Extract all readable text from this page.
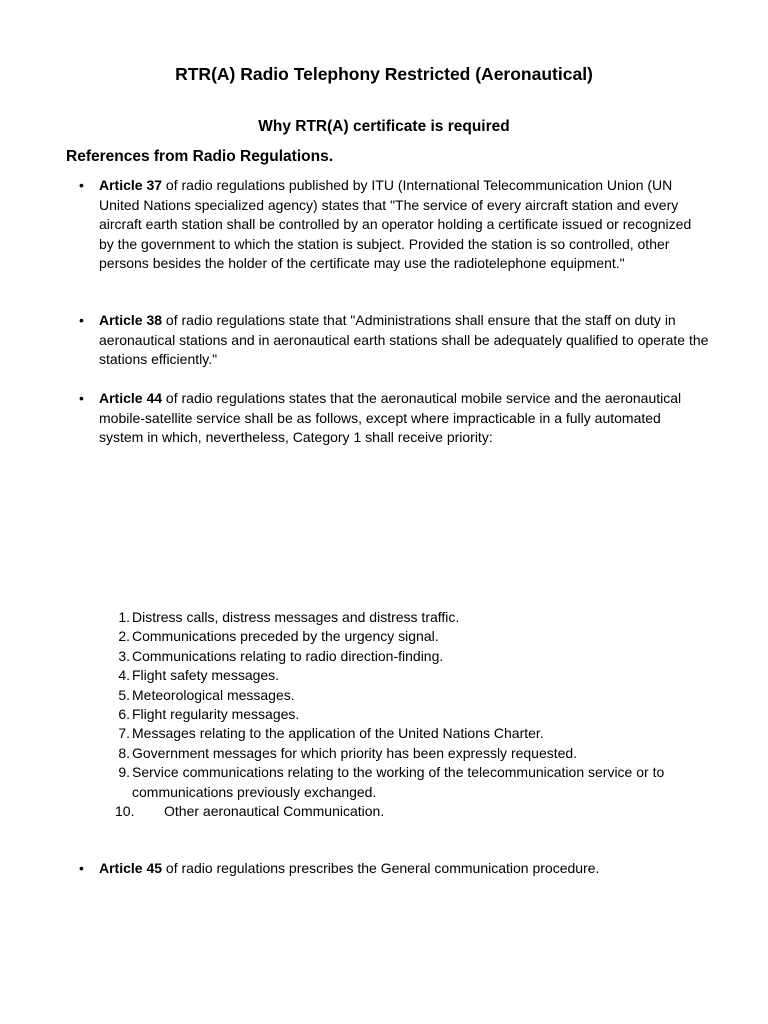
RTR(A) Radio Telephony Restricted (Aeronautical)
Why RTR(A) certificate is required
References from Radio Regulations.
• Article 37 of radio regulations published by ITU (International Telecommunication Union (UN United Nations specialized agency) states that "The service of every aircraft station and every aircraft earth station shall be controlled by an operator holding a certificate issued or recognized by the government to which the station is subject. Provided the station is so controlled, other persons besides the holder of the certificate may use the radiotelephone equipment."
• Article 38 of radio regulations state that "Administrations shall ensure that the staff on duty in aeronautical stations and in aeronautical earth stations shall be adequately qualified to operate the stations efficiently."
• Article 44 of radio regulations states that the aeronautical mobile service and the aeronautical mobile-satellite service shall be as follows, except where impracticable in a fully automated system in which, nevertheless, Category 1 shall receive priority:
1. Distress calls, distress messages and distress traffic.
2. Communications preceded by the urgency signal.
3. Communications relating to radio direction-finding.
4. Flight safety messages.
5. Meteorological messages.
6. Flight regularity messages.
7. Messages relating to the application of the United Nations Charter.
8. Government messages for which priority has been expressly requested.
9. Service communications relating to the working of the telecommunication service or to communications previously exchanged.
10.	Other aeronautical Communication.
• Article 45 of radio regulations prescribes the General communication procedure.
